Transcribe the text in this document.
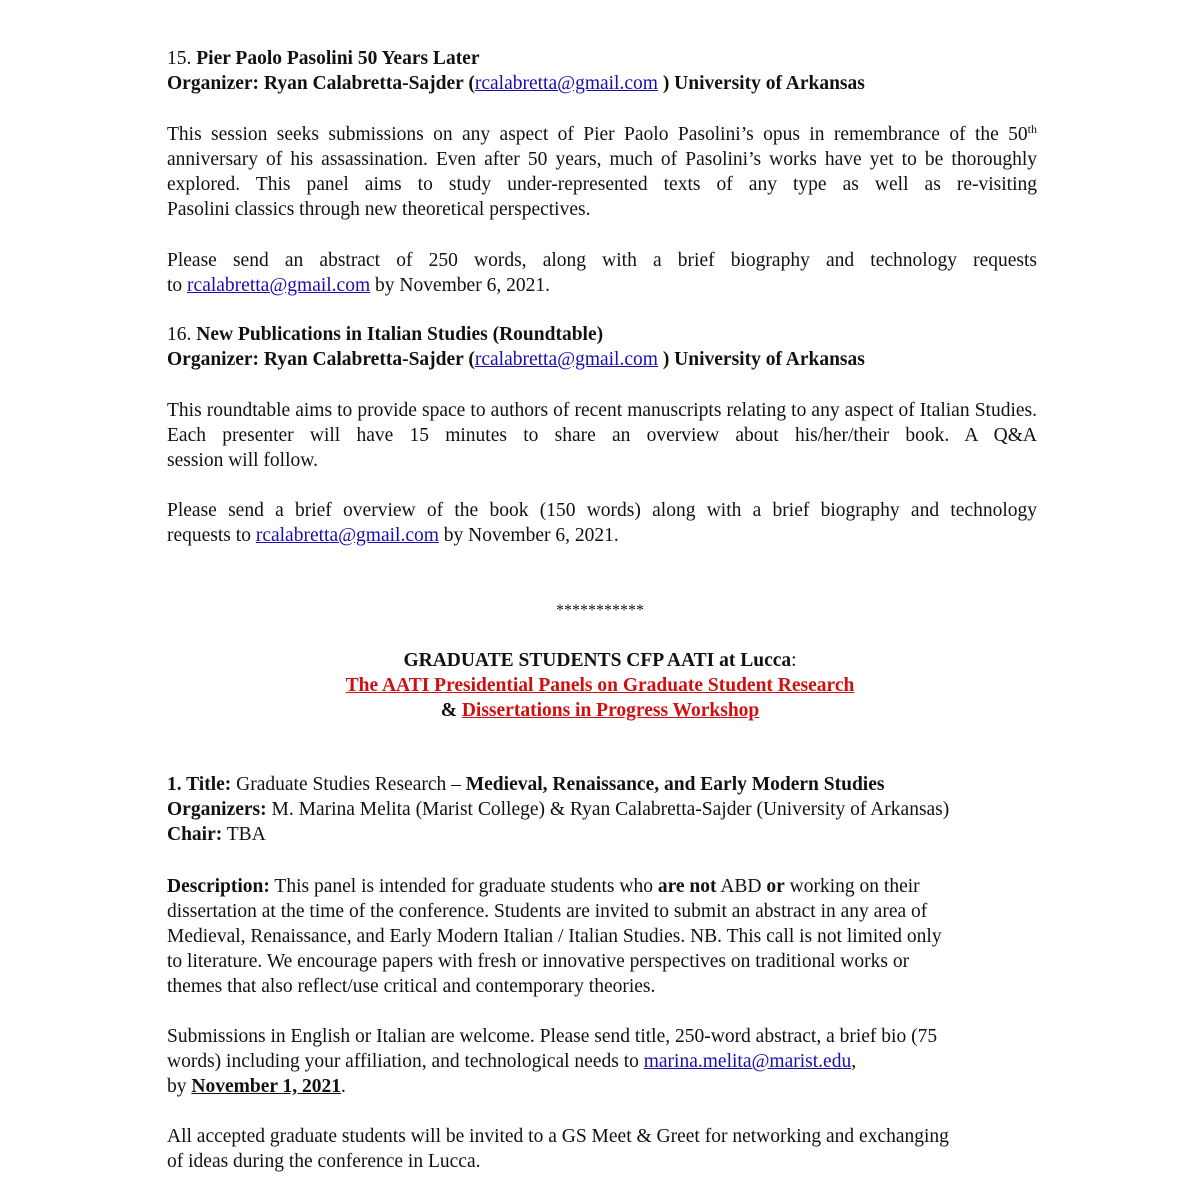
15. Pier Paolo Pasolini 50 Years Later
Organizer: Ryan Calabretta-Sajder (rcalabretta@gmail.com ) University of Arkansas

This session seeks submissions on any aspect of Pier Paolo Pasolini’s opus in remembrance of the 50th anniversary of his assassination. Even after 50 years, much of Pasolini’s works have yet to be thoroughly explored. This panel aims to study under-represented texts of any type as well as re-visiting
Pasolini classics through new theoretical perspectives.

Please send an abstract of 250 words, along with a brief biography and technology requests
to rcalabretta@gmail.com by November 6, 2021.

16. New Publications in Italian Studies (Roundtable)
Organizer: Ryan Calabretta-Sajder (rcalabretta@gmail.com ) University of Arkansas

This roundtable aims to provide space to authors of recent manuscripts relating to any aspect of Italian Studies. Each presenter will have 15 minutes to share an overview about his/her/their book. A Q&A
session will follow.

Please send a brief overview of the book (150 words) along with a brief biography and technology
requests to rcalabretta@gmail.com by November 6, 2021.

***********
GRADUATE STUDENTS CFP AATI at Lucca:
The AATI Presidential Panels on Graduate Student Research
& Dissertations in Progress Workshop
1. Title: Graduate Studies Research – Medieval, Renaissance, and Early Modern Studies
Organizers: M. Marina Melita (Marist College) & Ryan Calabretta-Sajder (University of Arkansas)
Chair: TBA
Description: This panel is intended for graduate students who are not ABD or working on their
dissertation at the time of the conference. Students are invited to submit an abstract in any area of
Medieval, Renaissance, and Early Modern Italian / Italian Studies. NB. This call is not limited only
to literature. We encourage papers with fresh or innovative perspectives on traditional works or
themes that also reflect/use critical and contemporary theories.
Submissions in English or Italian are welcome. Please send title, 250-word abstract, a brief bio (75
words) including your affiliation, and technological needs to marina.melita@marist.edu,
by November 1, 2021.
All accepted graduate students will be invited to a GS Meet & Greet for networking and exchanging
of ideas during the conference in Lucca.
